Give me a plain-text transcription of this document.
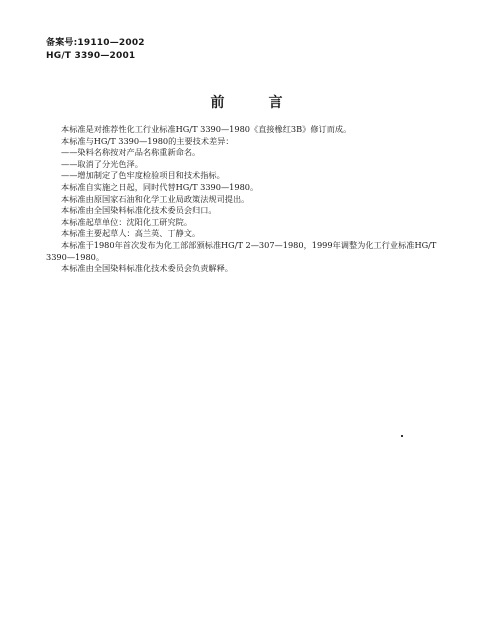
备案号:19110—2002
HG/T 3390—2001
前	言
本标准是对推荐性化工行业标准HG/T 3390—1980《直接橡红3B》修订而成。
本标准与HG/T 3390—1980的主要技术差异：
——染料名称按对产品名称重新命名。
——取消了分光色泽。
——增加制定了色牢度检验项目和技术指标。
本标准自实施之日起，同时代替HG/T 3390—1980。
本标准由原国家石油和化学工业局政策法规司提出。
本标准由全国染料标准化技术委员会归口。
本标准起草单位：沈阳化工研究院。
本标准主要起草人：高兰英、丁静文。
本标准于1980年首次发布为化工部部颁标准HG/T 2—307—1980，1999年调整为化工行业标准HG/T 3390—1980。
本标准由全国染料标准化技术委员会负责解释。
